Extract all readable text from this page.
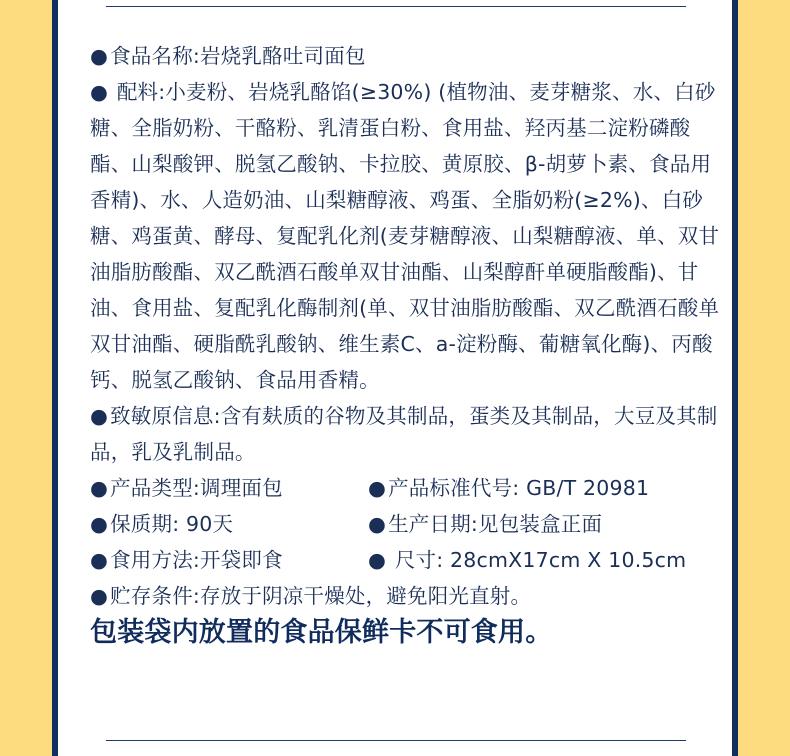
●食品名称:岩烧乳酪吐司面包

● 配料:小麦粉、岩烧乳酪馅(≥30%) (植物油、麦芽糖浆、水、白砂糖、全脂奶粉、干酪粉、乳清蛋白粉、食用盐、羟丙基二淀粉磷酸酯、山梨酸钾、脱氢乙酸钠、卡拉胶、黄原胶、β-胡萝卜素、食品用香精)、水、人造奶油、山梨糖醇液、鸡蛋、全脂奶粉(≥2%)、白砂糖、鸡蛋黄、酵母、复配乳化剂(麦芽糖醇液、山梨糖醇液、单、双甘油脂肪酸酯、双乙酰酒石酸单双甘油酯、山梨醇酐单硬脂酸酯)、甘油、食用盐、复配乳化酶制剂(单、双甘油脂肪酸酯、双乙酰酒石酸单双甘油酯、硬脂酰乳酸钠、维生素C、a-淀粉酶、葡糖氧化酶)、丙酸钙、脱氢乙酸钠、食品用香精。

●致敏原信息:含有麸质的谷物及其制品，蛋类及其制品，大豆及其制品，乳及乳制品。

●产品类型:调理面包	●产品标准代号: GB/T 20981
●保质期: 90天	●生产日期:见包装盒正面
●食用方法:开袋即食	● 尺寸: 28cmX17cm X 10.5cm

●贮存条件:存放于阴凉干燥处，避免阳光直射。

包装袋内放置的食品保鲜卡不可食用。
